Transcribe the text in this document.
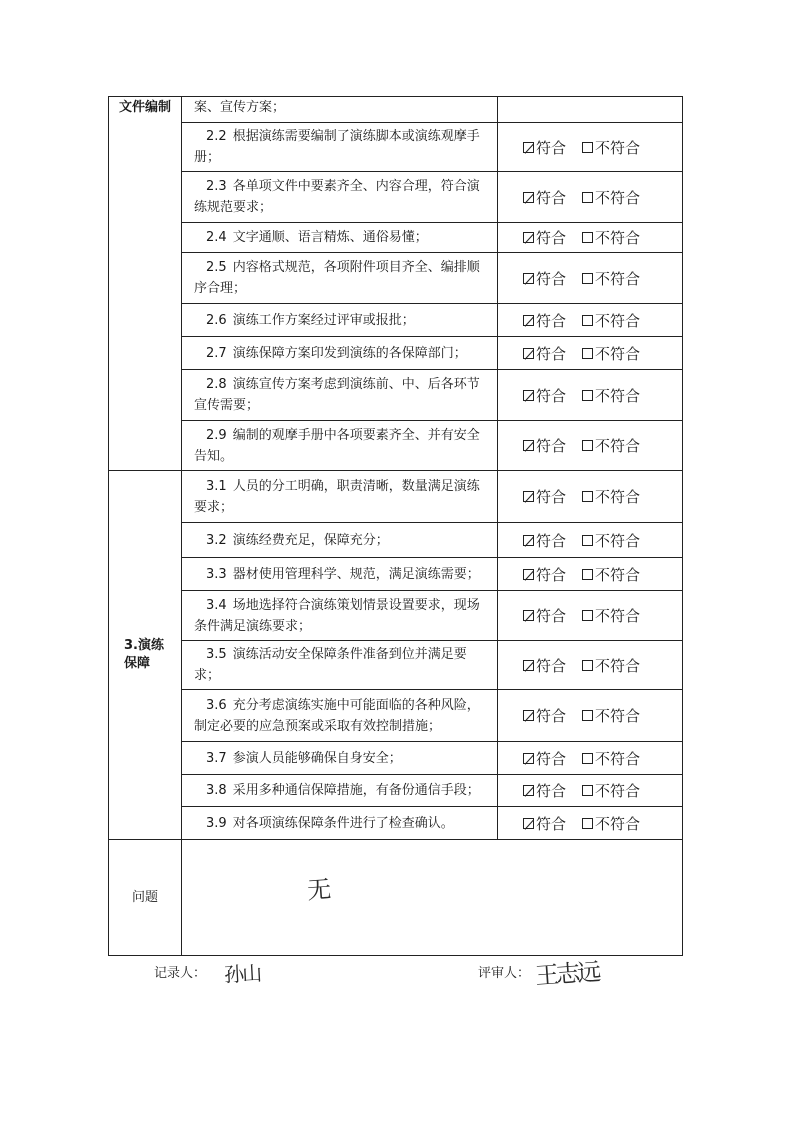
文件编制	案、宣传方案；	
	2.2 根据演练需要编制了演练脚本或演练观摩手册；	符合 不符合

	2.3 各单项文件中要素齐全、内容合理，符合演练规范要求；	符合 不符合

	2.4 文字通顺、语言精炼、通俗易懂；	符合 不符合

	2.5 内容格式规范，各项附件项目齐全、编排顺序合理；	符合 不符合

	2.6 演练工作方案经过评审或报批；	符合 不符合

	2.7 演练保障方案印发到演练的各保障部门；	符合 不符合

	2.8 演练宣传方案考虑到演练前、中、后各环节宣传需要；	符合 不符合

	2.9 编制的观摩手册中各项要素齐全、并有安全告知。	符合 不符合

3.演练保障	3.1 人员的分工明确，职责清晰，数量满足演练要求；	符合 不符合

	3.2 演练经费充足，保障充分；	符合 不符合

	3.3 器材使用管理科学、规范，满足演练需要；	符合 不符合

	3.4 场地选择符合演练策划情景设置要求，现场条件满足演练要求；	符合 不符合

	3.5 演练活动安全保障条件准备到位并满足要求；	符合 不符合

	3.6 充分考虑演练实施中可能面临的各种风险，制定必要的应急预案或采取有效控制措施；	符合 不符合

	3.7 参演人员能够确保自身安全；	符合 不符合

	3.8 采用多种通信保障措施，有备份通信手段；	符合 不符合

	3.9 对各项演练保障条件进行了检查确认。	符合 不符合

问题	无	
记录人： 孙山	评审人： 王志远
